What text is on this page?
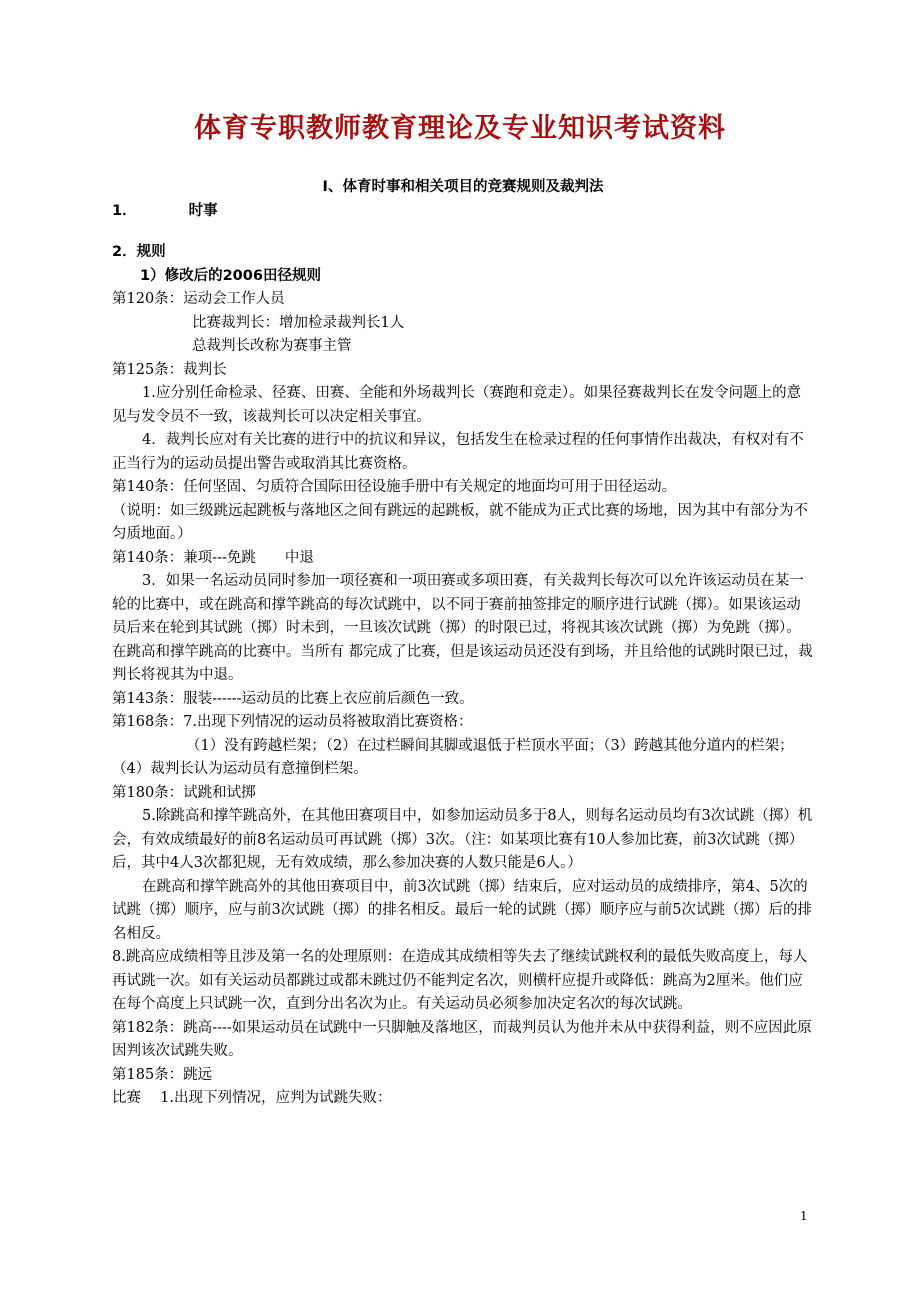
体育专职教师教育理论及专业知识考试资料

Ⅰ、体育时事和相关项目的竞赛规则及裁判法

1．	时事

2．规则

1）修改后的2006田径规则

第120条：运动会工作人员

比赛裁判长：增加检录裁判长1人

总裁判长改称为赛事主管

第125条：裁判长

1.应分别任命检录、径赛、田赛、全能和外场裁判长（赛跑和竞走）。如果径赛裁判长在发令问题上的意见与发令员不一致，该裁判长可以决定相关事宜。

4．裁判长应对有关比赛的进行中的抗议和异议，包括发生在检录过程的任何事情作出裁决，有权对有不正当行为的运动员提出警告或取消其比赛资格。

第140条：任何坚固、匀质符合国际田径设施手册中有关规定的地面均可用于田径运动。

（说明：如三级跳远起跳板与落地区之间有跳远的起跳板，就不能成为正式比赛的场地，因为其中有部分为不匀质地面。）

第140条：兼项---免跳　　中退

3．如果一名运动员同时参加一项径赛和一项田赛或多项田赛，有关裁判长每次可以允许该运动员在某一轮的比赛中，或在跳高和撑竿跳高的每次试跳中，以不同于赛前抽签排定的顺序进行试跳（掷）。如果该运动员后来在轮到其试跳（掷）时未到，一旦该次试跳（掷）的时限已过，将视其该次试跳（掷）为免跳（掷）。在跳高和撑竿跳高的比赛中。当所有 都完成了比赛，但是该运动员还没有到场，并且给他的试跳时限已过，裁判长将视其为中退。

第143条：服装------运动员的比赛上衣应前后颜色一致。

第168条：7.出现下列情况的运动员将被取消比赛资格：

（1）没有跨越栏架；（2）在过栏瞬间其脚或退低于栏顶水平面；（3）跨越其他分道内的栏架；（4）裁判长认为运动员有意撞倒栏架。

第180条：试跳和试掷

5.除跳高和撑竿跳高外，在其他田赛项目中，如参加运动员多于8人，则每名运动员均有3次试跳（掷）机会，有效成绩最好的前8名运动员可再试跳（掷）3次。（注：如某项比赛有10人参加比赛，前3次试跳（掷）后，其中4人3次都犯规，无有效成绩，那么参加决赛的人数只能是6人。）

在跳高和撑竿跳高外的其他田赛项目中，前3次试跳（掷）结束后，应对运动员的成绩排序，第4、5次的试跳（掷）顺序，应与前3次试跳（掷）的排名相反。最后一轮的试跳（掷）顺序应与前5次试跳（掷）后的排名相反。

8.跳高应成绩相等且涉及第一名的处理原则：在造成其成绩相等失去了继续试跳权利的最低失败高度上，每人再试跳一次。如有关运动员都跳过或都未跳过仍不能判定名次，则横杆应提升或降低：跳高为2厘米。他们应在每个高度上只试跳一次，直到分出名次为止。有关运动员必须参加决定名次的每次试跳。

第182条：跳高----如果运动员在试跳中一只脚触及落地区，而裁判员认为他并未从中获得利益，则不应因此原因判该次试跳失败。

第185条：跳远

比赛　 1.出现下列情况，应判为试跳失败：

1
